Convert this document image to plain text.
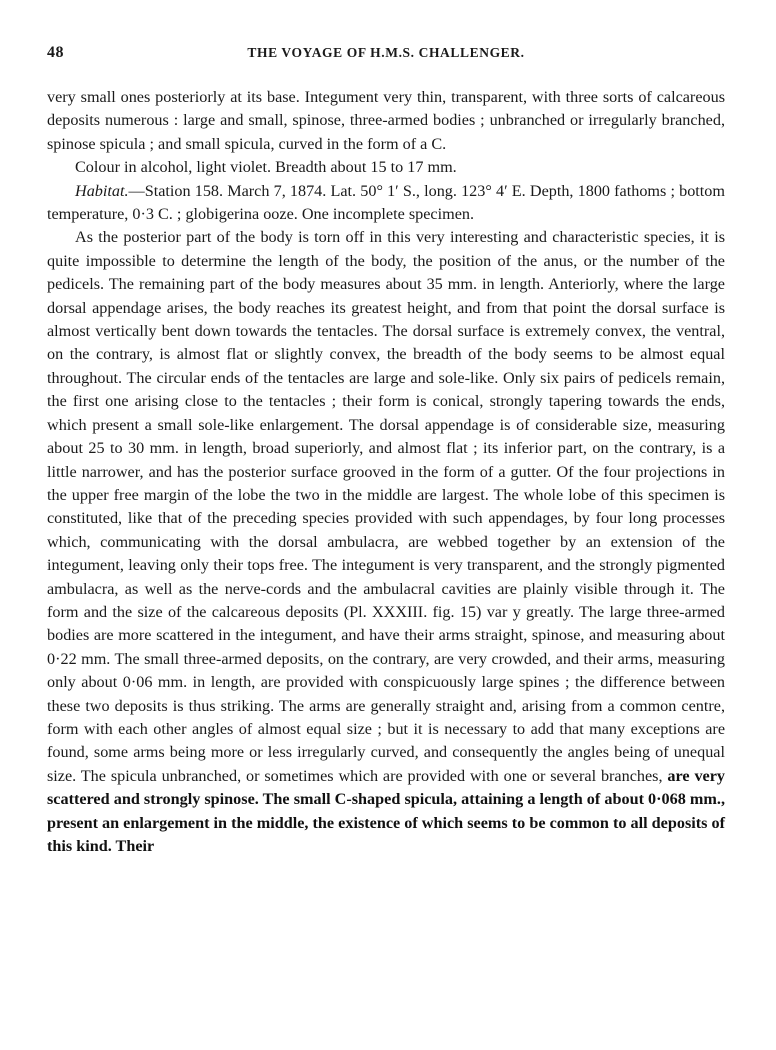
48	THE VOYAGE OF H.M.S. CHALLENGER.

very small ones posteriorly at its base. Integument very thin, transparent, with three sorts of calcareous deposits numerous : large and small, spinose, three-armed bodies ; unbranched or irregularly branched, spinose spicula ; and small spicula, curved in the form of a C.

Colour in alcohol, light violet. Breadth about 15 to 17 mm.

Habitat.—Station 158. March 7, 1874. Lat. 50° 1′ S., long. 123° 4′ E. Depth, 1800 fathoms ; bottom temperature, 0·3 C. ; globigerina ooze. One incomplete specimen.

As the posterior part of the body is torn off in this very interesting and characteristic species, it is quite impossible to determine the length of the body, the position of the anus, or the number of the pedicels. The remaining part of the body measures about 35 mm. in length. Anteriorly, where the large dorsal appendage arises, the body reaches its greatest height, and from that point the dorsal surface is almost vertically bent down towards the tentacles. The dorsal surface is extremely convex, the ventral, on the contrary, is almost flat or slightly convex, the breadth of the body seems to be almost equal throughout. The circular ends of the tentacles are large and sole-like. Only six pairs of pedicels remain, the first one arising close to the tentacles ; their form is conical, strongly tapering towards the ends, which present a small sole-like enlargement. The dorsal appendage is of considerable size, measuring about 25 to 30 mm. in length, broad superiorly, and almost flat ; its inferior part, on the contrary, is a little narrower, and has the posterior surface grooved in the form of a gutter. Of the four projections in the upper free margin of the lobe the two in the middle are largest. The whole lobe of this specimen is constituted, like that of the preceding species provided with such appendages, by four long processes which, communicating with the dorsal ambulacra, are webbed together by an extension of the integument, leaving only their tops free. The integument is very transparent, and the strongly pigmented ambulacra, as well as the nerve-cords and the ambulacral cavities are plainly visible through it. The form and the size of the calcareous deposits (Pl. XXXIII. fig. 15) var y greatly. The large three-armed bodies are more scattered in the integument, and have their arms straight, spinose, and measuring about 0·22 mm. The small three-armed deposits, on the contrary, are very crowded, and their arms, measuring only about 0·06 mm. in length, are provided with conspicuously large spines ; the difference between these two deposits is thus striking. The arms are generally straight and, arising from a common centre, form with each other angles of almost equal size ; but it is necessary to add that many exceptions are found, some arms being more or less irregularly curved, and consequently the angles being of unequal size. The spicula unbranched, or sometimes which are provided with one or several branches, are very scattered and strongly spinose. The small C-shaped spicula, attaining a length of about 0·068 mm., present an enlargement in the middle, the existence of which seems to be common to all deposits of this kind. Their
